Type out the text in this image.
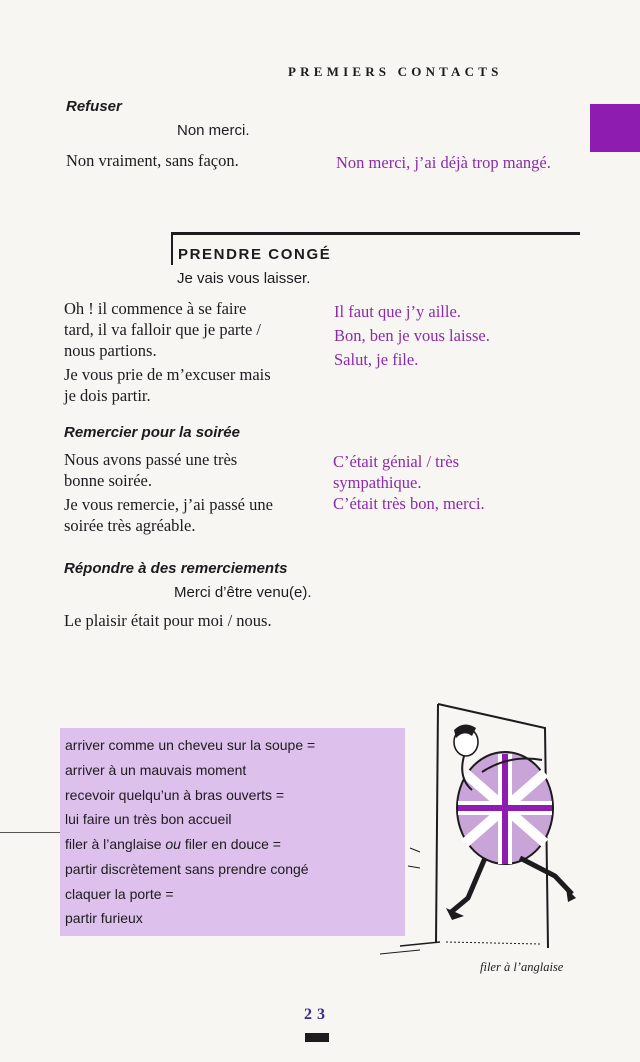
PREMIERS CONTACTS
Refuser
Non merci.
Non vraiment, sans façon.	Non merci, j’ai déjà trop mangé.
PRENDRE CONGÉ
Je vais vous laisser.
Oh ! il commence à se faire
tard, il va falloir que je parte /
nous partions.
Je vous prie de m’excuser mais
je dois partir.
Il faut que j’y aille.
Bon, ben je vous laisse.
Salut, je file.
Remercier pour la soirée
Nous avons passé une très
bonne soirée.
Je vous remercie, j’ai passé une
soirée très agréable.
C’était génial / très
sympathique.
C’était très bon, merci.
Répondre à des remerciements
Merci d’être venu(e).
Le plaisir était pour moi / nous.
arriver comme un cheveu sur la soupe =
arriver à un mauvais moment
recevoir quelqu’un à bras ouverts =
lui faire un très bon accueil
filer à l’anglaise ou filer en douce =
partir discrètement sans prendre congé
claquer la porte =
partir furieux
filer à l’anglaise
23
